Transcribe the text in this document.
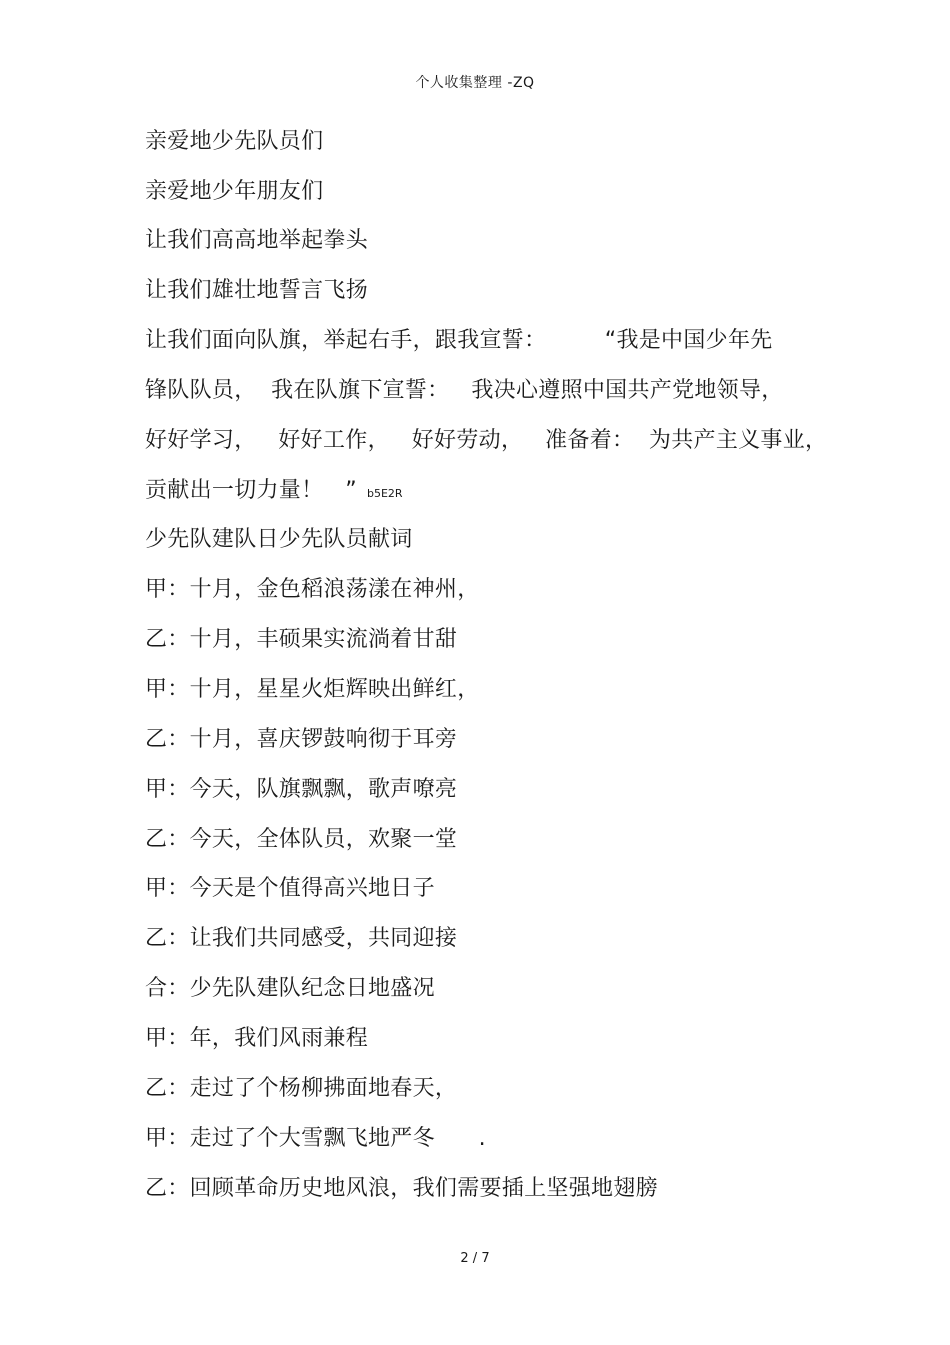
个人收集整理 -ZQ
亲爱地少先队员们
亲爱地少年朋友们
让我们高高地举起拳头
让我们雄壮地誓言飞扬
让我们面向队旗，举起右手，跟我宣誓：        “我是中国少年先
锋队队员，  我在队旗下宣誓：   我决心遵照中国共产党地领导，
好好学习，   好好工作，   好好劳动，   准备着：  为共产主义事业，
贡献出一切力量！   ” b5E2R
少先队建队日少先队员献词
甲：十月，金色稻浪荡漾在神州，
乙：十月，丰硕果实流淌着甘甜
甲：十月，星星火炬辉映出鲜红，
乙：十月，喜庆锣鼓响彻于耳旁
甲：今天，队旗飘飘，歌声嘹亮
乙：今天，全体队员，欢聚一堂
甲：今天是个值得高兴地日子
乙：让我们共同感受，共同迎接
合：少先队建队纪念日地盛况
甲：年，我们风雨兼程
乙：走过了个杨柳拂面地春天，
甲：走过了个大雪飘飞地严冬      .
乙：回顾革命历史地风浪，我们需要插上坚强地翅膀
2 / 7
